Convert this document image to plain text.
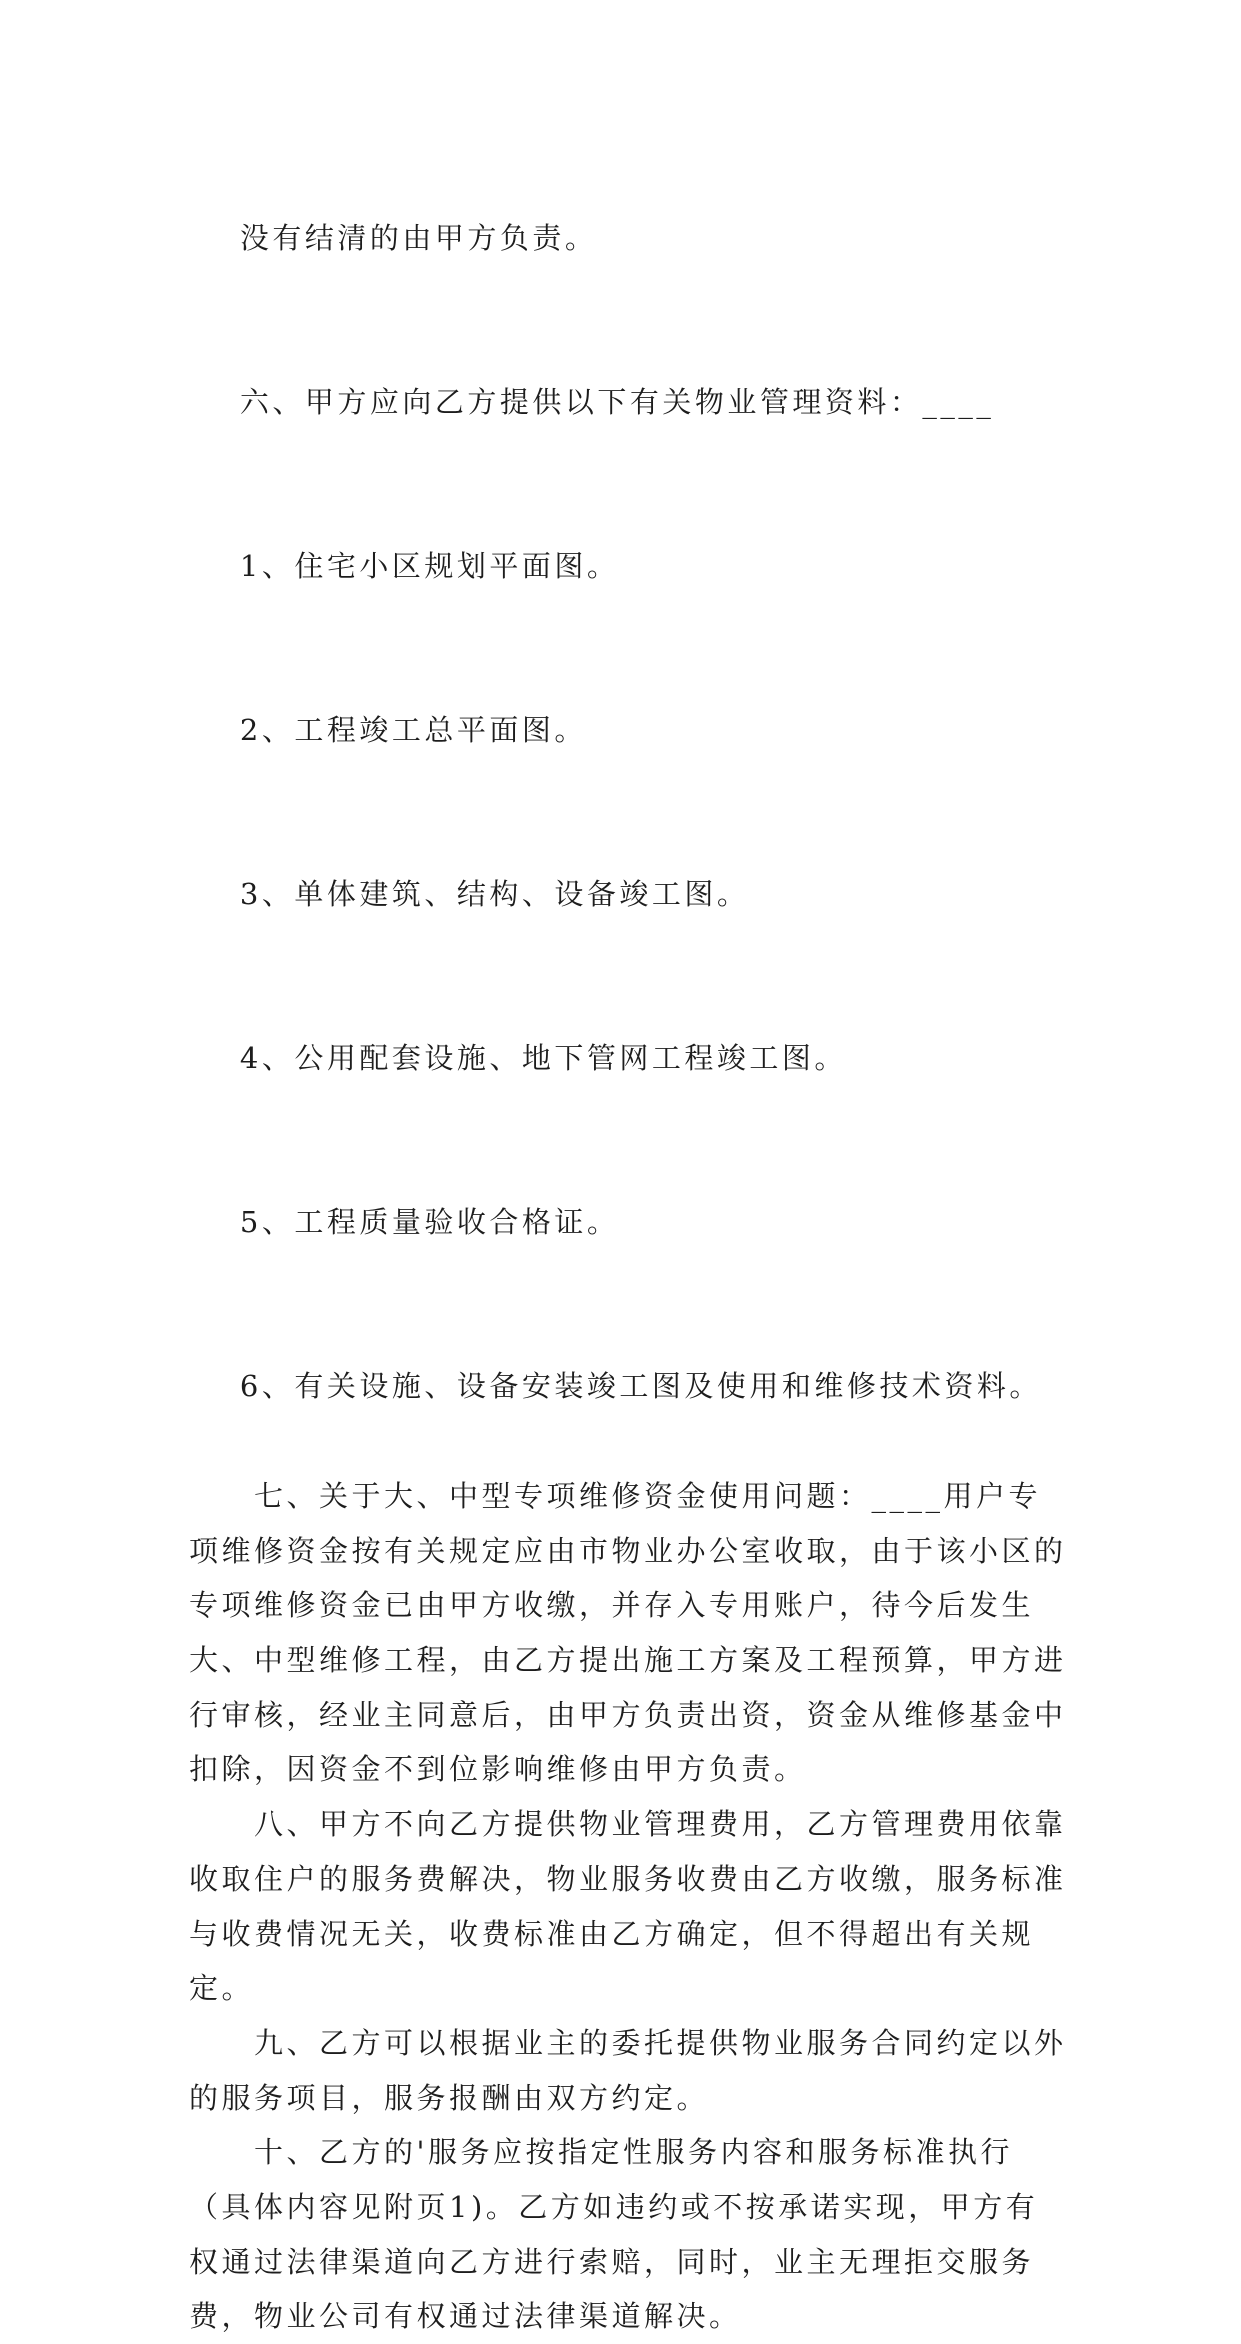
没有结清的由甲方负责。

六、甲方应向乙方提供以下有关物业管理资料：____

1、住宅小区规划平面图。

2、工程竣工总平面图。

3、单体建筑、结构、设备竣工图。

4、公用配套设施、地下管网工程竣工图。

5、工程质量验收合格证。

6、有关设施、设备安装竣工图及使用和维修技术资料。

七、关于大、中型专项维修资金使用问题：____用户专项维修资金按有关规定应由市物业办公室收取，由于该小区的专项维修资金已由甲方收缴，并存入专用账户，待今后发生大、中型维修工程，由乙方提出施工方案及工程预算，甲方进行审核，经业主同意后，由甲方负责出资，资金从维修基金中扣除，因资金不到位影响维修由甲方负责。

八、甲方不向乙方提供物业管理费用，乙方管理费用依靠收取住户的服务费解决，物业服务收费由乙方收缴，服务标准与收费情况无关，收费标准由乙方确定，但不得超出有关规定。

九、乙方可以根据业主的委托提供物业服务合同约定以外的服务项目，服务报酬由双方约定。

十、乙方的'服务应按指定性服务内容和服务标准执行（具体内容见附页1)。乙方如违约或不按承诺实现，甲方有权通过法律渠道向乙方进行索赔，同时，业主无理拒交服务费，物业公司有权通过法律渠道解决。
